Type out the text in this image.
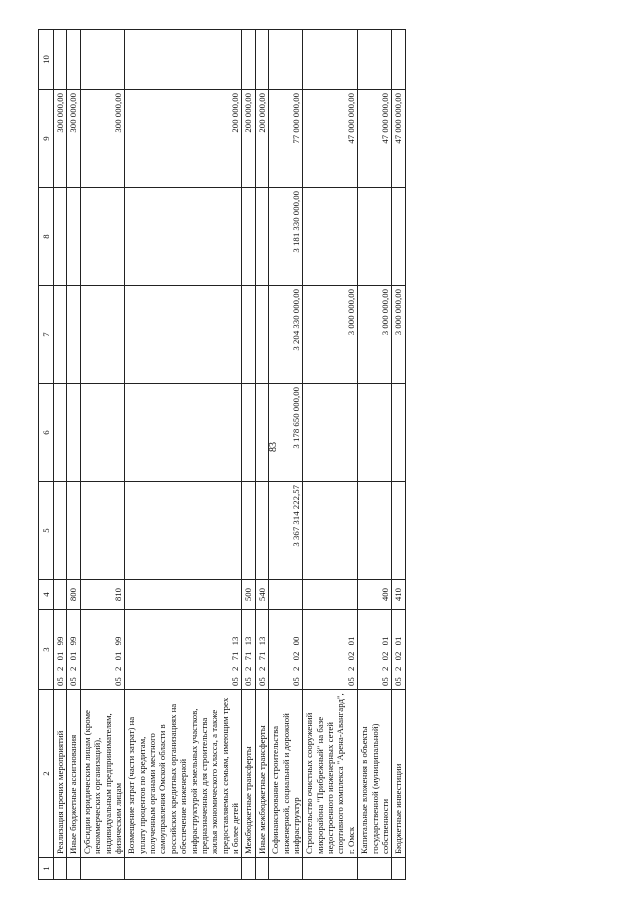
83
1	2	3	4	5	6	7	8	9	10
	Реализация прочих мероприятий	05 2 01 99						300 000,00	
	Иные бюджетные ассигнования	05 2 01 99	800					300 000,00	
	Субсидии юридическим лицам (кроме некоммерческих организаций), индивидуальным предпринимателям, физическим лицам	05 2 01 99	810					300 000,00	
	Возмещение затрат (части затрат) на уплату процентов по кредитам, полученным органами местного самоуправления Омской области в российских кредитных организациях на обеспечение инженерной инфраструктурой земельных участков, предназначенных для строительства жилья экономического класса, а также предоставляемых семьям, имеющим трех и более детей	05 2 71 13						200 000,00	
	Межбюджетные трансферты	05 2 71 13	500					200 000,00	
	Иные межбюджетные трансферты	05 2 71 13	540					200 000,00	
	Софинансирование строительства инженерной, социальной и дорожной инфраструктур	05 2 02 00		3 367 314 222,57	3 178 650 000,00	3 204 330 000,00	3 181 330 000,00	77 000 000,00	
	Строительство очистных сооружений микрорайона "Прибрежный" на базе недостроенного инженерных сетей спортивного комплекса "Арена-Авангард", г. Омск	05 2 02 01				3 000 000,00		47 000 000,00	
	Капитальные вложения в объекты государственной (муниципальной) собственности	05 2 02 01	400			3 000 000,00		47 000 000,00	
	Бюджетные инвестиции	05 2 02 01	410			3 000 000,00		47 000 000,00	
